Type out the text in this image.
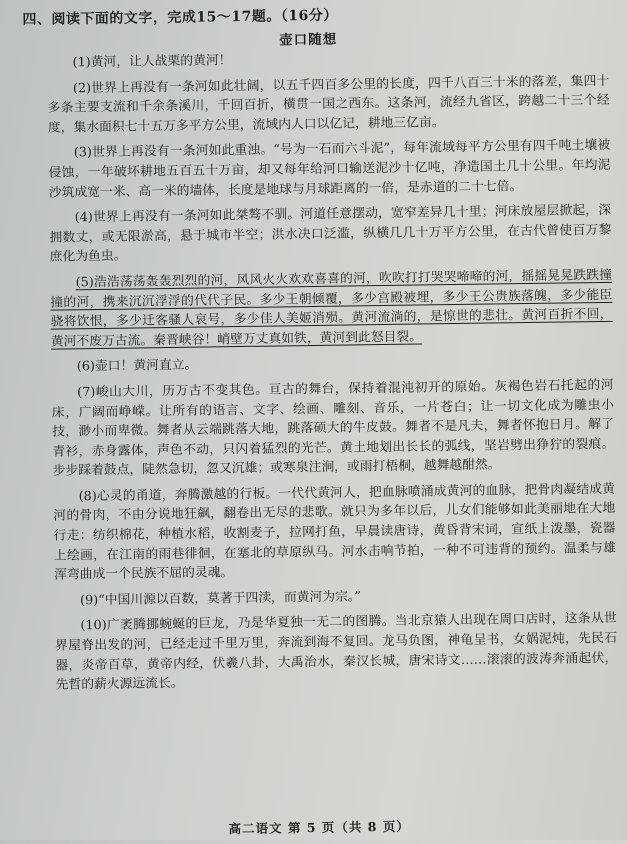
四、阅读下面的文字，完成15～17题。（16分）
壶口随想

(1)黄河，让人战栗的黄河！

(2)世界上再没有一条河如此壮阔，以五千四百多公里的长度，四千八百三十米的落差，集四十多条主要支流和千余条溪川，千回百折，横贯一国之西东。这条河，流经九省区，跨越二十三个经度，集水面积七十五万多平方公里，流域内人口以亿记，耕地三亿亩。

(3)世界上再没有一条河如此重浊。“号为一石而六斗泥”，每年流域每平方公里有四千吨土壤被侵蚀，一年破坏耕地五百五十万亩，却又每年给河口输送泥沙十亿吨，净造国土几十公里。年均泥沙筑成宽一米、高一米的墙体，长度是地球与月球距离的一倍，是赤道的二十七倍。

(4)世界上再没有一条河如此桀骜不驯。河道任意摆动，宽窄差异几十里；河床放屋层掀起，深拥数丈，或无限淤高，悬于城市半空；洪水决口泛滥，纵横几几十万平方公里，在古代曾使百万黎庶化为鱼虫。

(5)浩浩荡荡轰轰烈烈的河，风风火火欢欢喜喜的河，吹吹打打哭哭啼啼的河，摇摇晃晃跌跌撞撞的河，携来沉沉浮浮的代代子民。多少王朝倾覆，多少宫殿被埋，多少王公贵族落魄，多少能臣骁将饮恨，多少迁客骚人哀号，多少佳人美姬消殒。黄河流淌的，是惊世的悲壮。黄河百折不回，黄河不废万古流。秦晋峡谷！峭壁万丈真如铁，黄河到此怒目裂。

(6)壶口！黄河直立。

(7)峻山大川，历万古不变其色。亘古的舞台，保持着混沌初开的原始。灰褐色岩石托起的河床，广阔而峥嵘。让所有的语言、文字、绘画、雕刻、音乐，一片苍白；让一切文化成为雕虫小技，渺小而卑微。舞者从云端跳落大地，跳落硕大的牛皮鼓。舞者不是凡夫，舞者怀抱日月。解了青衫，赤身露体，声色不动，只闪着猛烈的光芒。黄土地划出长长的弧线，坚岩劈出狰狞的裂痕。步步踩着鼓点，陡然急切，忽又沉雄；或寒泉注涧，或雨打梧桐，越舞越酣然。

(8)心灵的甬道，奔腾激越的行板。一代代黄河人，把血脉喷涌成黄河的血脉，把骨肉凝结成黄河的骨肉，不由分说地狂飙，翻卷出无尽的悲歌。就只为多年以后，儿女们能够如此美丽地在大地行走：纺织棉花，种植水稻，收割麦子，拉网打鱼，早晨读唐诗，黄昏背宋词，宣纸上泼墨，瓷器上绘画，在江南的雨巷徘徊，在塞北的草原纵马。河水击响节拍，一种不可违背的预约。温柔与雄浑弯曲成一个民族不屈的灵魂。

(9)“中国川源以百数，莫著于四渎，而黄河为宗。”

(10)广袤腾挪蜿蜒的巨龙，乃是华夏独一无二的图腾。当北京猿人出现在周口店时，这条从世界屋脊出发的河，已经走过千里万里，奔流到海不复回。龙马负图，神龟呈书，女娲泥炖，先民石器，炎帝百草，黄帝内经，伏羲八卦，大禹治水，秦汉长城，唐宋诗文……滚滚的波涛奔涌起伏，先哲的薪火源远流长。

高二语文 第 5 页（共 8 页）
